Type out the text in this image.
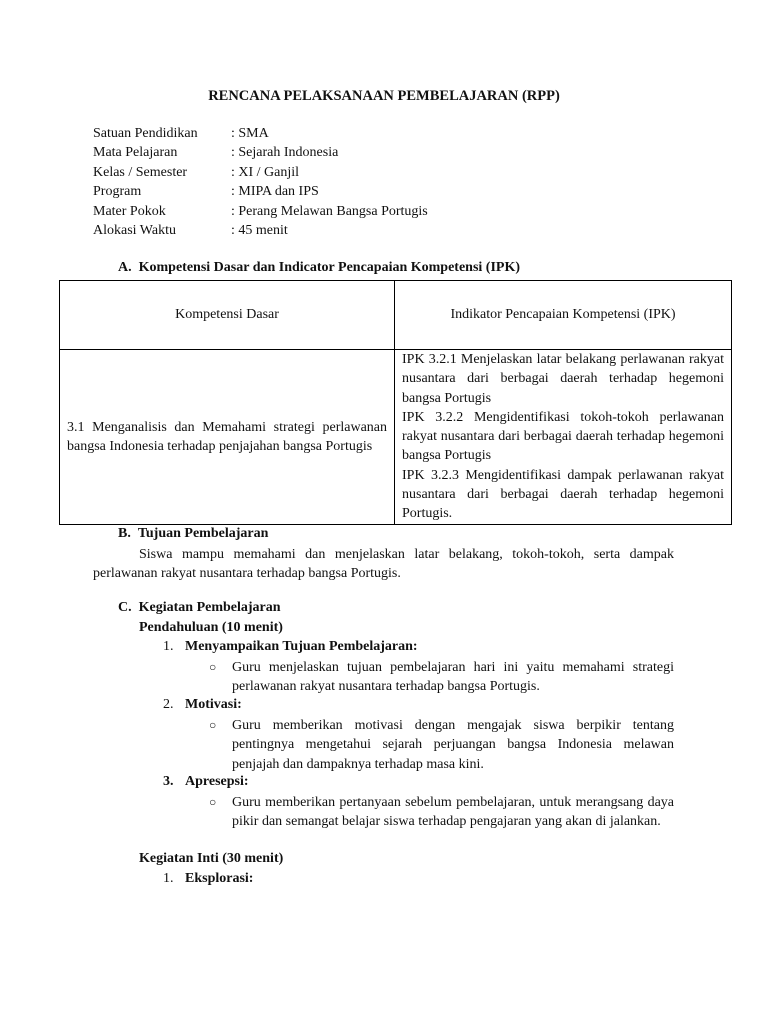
RENCANA PELAKSANAAN PEMBELAJARAN (RPP)
Satuan Pendidikan : SMA
Mata Pelajaran	: Sejarah Indonesia
Kelas / Semester	: XI / Ganjil
Program	: MIPA dan IPS
Mater Pokok	: Perang Melawan Bangsa Portugis
Alokasi Waktu	: 45 menit
A. Kompetensi Dasar dan Indicator Pencapaian Kompetensi (IPK)
Kompetensi Dasar	Indikator Pencapaian Kompetensi (IPK)
3.1 Menganalisis dan Memahami strategi perlawanan bangsa Indonesia terhadap penjajahan bangsa Portugis	IPK 3.2.1 Menjelaskan latar belakang perlawanan rakyat nusantara dari berbagai daerah terhadap hegemoni bangsa Portugis
IPK 3.2.2 Mengidentifikasi tokoh-tokoh perlawanan rakyat nusantara dari berbagai daerah terhadap hegemoni bangsa Portugis
IPK 3.2.3 Mengidentifikasi dampak perlawanan rakyat nusantara dari berbagai daerah terhadap hegemoni Portugis.
B. Tujuan Pembelajaran
Siswa mampu memahami dan menjelaskan latar belakang, tokoh-tokoh, serta dampak perlawanan rakyat nusantara terhadap bangsa Portugis.
C. Kegiatan Pembelajaran
Pendahuluan (10 menit)
1. Menyampaikan Tujuan Pembelajaran:
○ Guru menjelaskan tujuan pembelajaran hari ini yaitu memahami strategi perlawanan rakyat nusantara terhadap bangsa Portugis.
2. Motivasi:
○ Guru memberikan motivasi dengan mengajak siswa berpikir tentang pentingnya mengetahui sejarah perjuangan bangsa Indonesia melawan penjajah dan dampaknya terhadap masa kini.
3. Apresepsi:
○ Guru memberikan pertanyaan sebelum pembelajaran, untuk merangsang daya pikir dan semangat belajar siswa terhadap pengajaran yang akan di jalankan.
Kegiatan Inti (30 menit)
1. Eksplorasi:
